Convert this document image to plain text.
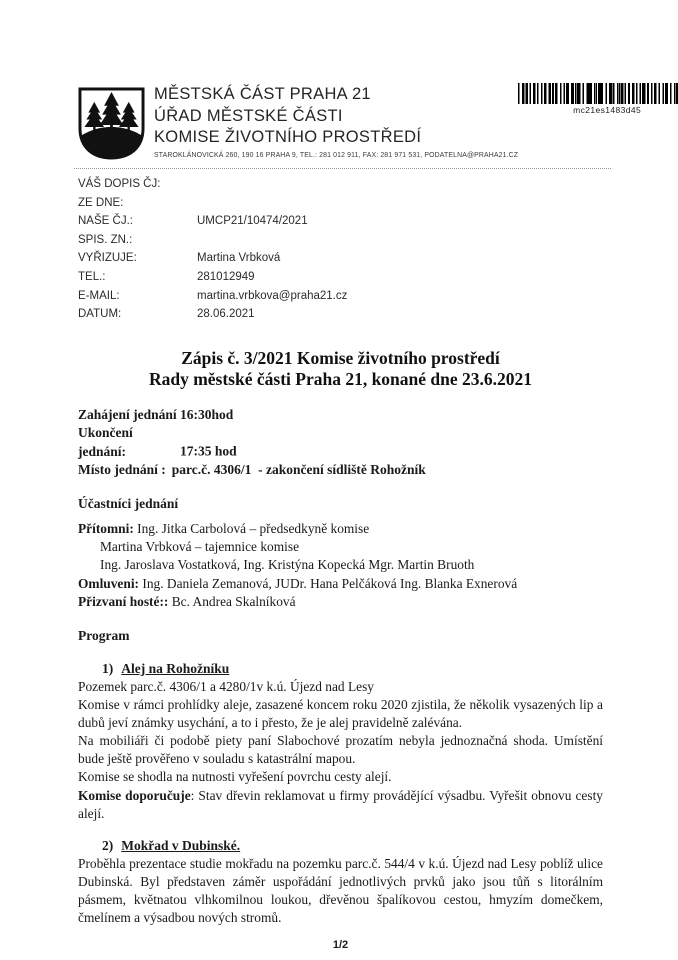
MĚSTSKÁ ČÁST PRAHA 21
ÚŘAD MĚSTSKÉ ČÁSTI
KOMISE ŽIVOTNÍHO PROSTŘEDÍ
STAROKLÁNOVICKÁ 260, 190 16 PRAHA 9, TEL.: 281 012 911, FAX: 281 971 531, PODATELNA@PRAHA21.CZ
mc21es1483d45
VÁŠ DOPIS ČJ:
ZE DNE:
NAŠE ČJ.:	UMCP21/10474/2021
SPIS. ZN.:
VYŘIZUJE:	Martina Vrbková
TEL.:	281012949
E-MAIL:	martina.vrbkova@praha21.cz
DATUM:	28.06.2021
Zápis č. 3/2021 Komise životního prostředí
Rady městské části Praha 21, konané dne 23.6.2021
Zahájení jednání 16:30hod
Ukončení jednání:	17:35 hod
Místo jednání : parc.č. 4306/1  - zakončení sídliště Rohožník
Účastníci jednání
Přítomni: Ing. Jitka Carbolová – předsedkyně komise
Martina Vrbková – tajemnice komise
Ing. Jaroslava Vostatková, Ing. Kristýna Kopecká Mgr. Martin Bruoth
Omluveni: Ing. Daniela Zemanová, JUDr. Hana Pelčáková Ing. Blanka Exnerová
Přizvaní hosté:: Bc. Andrea Skalníková
Program
1) Alej na Rohožníku

Pozemek parc.č. 4306/1 a 4280/1v k.ú. Újezd nad Lesy

Komise v rámci prohlídky aleje, zasazené koncem roku 2020 zjistila, že několik vysazených lip a dubů jeví známky usychání, a to i přesto, že je alej pravidelně zalévána.

Na mobiliáři či podobě piety paní Slabochové prozatím nebyla jednoznačná shoda. Umístění bude ještě prověřeno v souladu s katastrální mapou.

Komise se shodla na nutnosti vyřešení povrchu cesty alejí.

Komise doporučuje: Stav dřevin reklamovat u firmy provádějící výsadbu. Vyřešit obnovu cesty alejí.

2) Mokřad v Dubinské.

Proběhla prezentace studie mokřadu na pozemku parc.č. 544/4 v k.ú. Újezd nad Lesy poblíž ulice Dubinská. Byl představen záměr uspořádání jednotlivých prvků jako jsou tůň s litorálním pásmem, květnatou vlhkomilnou loukou, dřevěnou špalíkovou cestou, hmyzím domečkem, čmelínem a výsadbou nových stromů.

1/2
